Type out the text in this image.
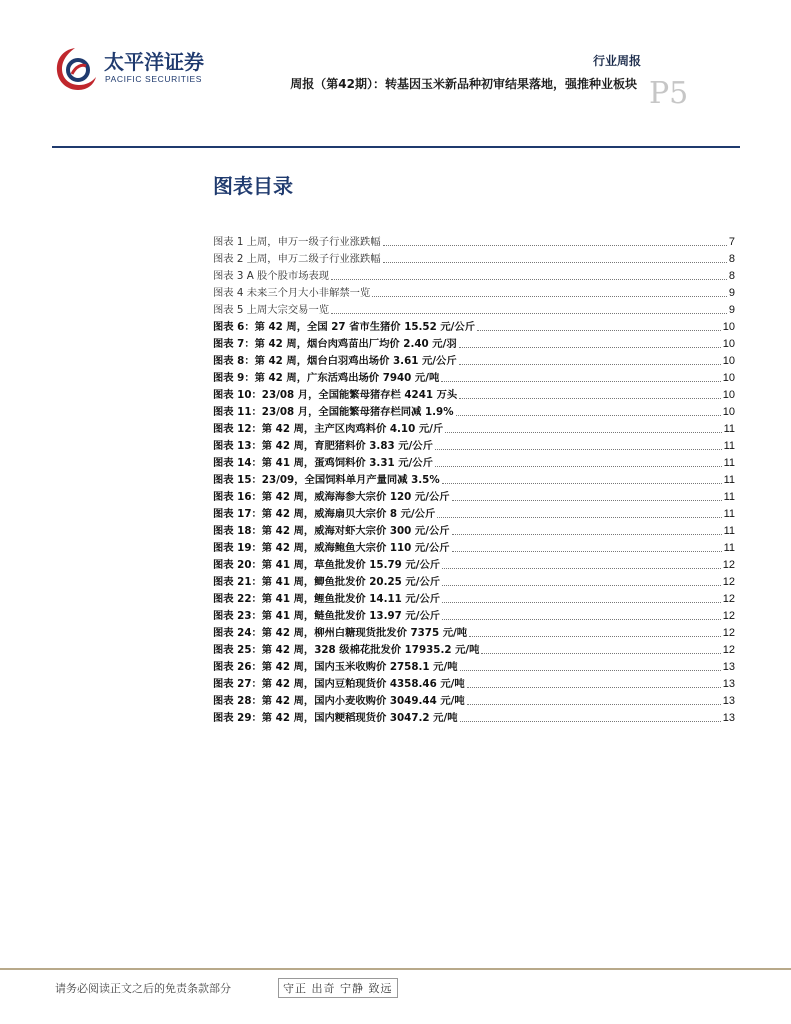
太平洋证券
PACIFIC SECURITIES
行业周报
周报（第42期）：转基因玉米新品种初审结果落地，强推种业板块 P5
图表目录
图表 1 上周，申万一级子行业涨跌幅	7
图表 2 上周，申万二级子行业涨跌幅	8
图表 3 A 股个股市场表现	8
图表 4 未来三个月大小非解禁一览	9
图表 5 上周大宗交易一览	9
图表 6：第 42 周，全国 27 省市生猪价 15.52 元/公斤	10
图表 7：第 42 周，烟台肉鸡苗出厂均价 2.40 元/羽	10
图表 8：第 42 周，烟台白羽鸡出场价 3.61 元/公斤	10
图表 9：第 42 周，广东活鸡出场价 7940 元/吨	10
图表 10：23/08 月，全国能繁母猪存栏 4241 万头	10
图表 11：23/08 月，全国能繁母猪存栏同减 1.9%	10
图表 12：第 42 周，主产区肉鸡料价 4.10 元/斤	11
图表 13：第 42 周，育肥猪料价 3.83 元/公斤	11
图表 14：第 41 周，蛋鸡饲料价 3.31 元/公斤	11
图表 15：23/09，全国饲料单月产量同减 3.5%	11
图表 16：第 42 周，威海海参大宗价 120 元/公斤	11
图表 17：第 42 周，威海扇贝大宗价 8 元/公斤	11
图表 18：第 42 周，威海对虾大宗价 300 元/公斤	11
图表 19：第 42 周，威海鲍鱼大宗价 110 元/公斤	11
图表 20：第 41 周，草鱼批发价 15.79 元/公斤	12
图表 21：第 41 周，鲫鱼批发价 20.25 元/公斤	12
图表 22：第 41 周，鲤鱼批发价 14.11 元/公斤	12
图表 23：第 41 周，鲢鱼批发价 13.97 元/公斤	12
图表 24：第 42 周，柳州白糖现货批发价 7375 元/吨	12
图表 25：第 42 周，328 级棉花批发价 17935.2 元/吨	12
图表 26：第 42 周，国内玉米收购价 2758.1 元/吨	13
图表 27：第 42 周，国内豆粕现货价 4358.46 元/吨	13
图表 28：第 42 周，国内小麦收购价 3049.44 元/吨	13
图表 29：第 42 周，国内粳稻现货价 3047.2 元/吨	13
请务必阅读正文之后的免责条款部分	守正 出奇 宁静 致远
